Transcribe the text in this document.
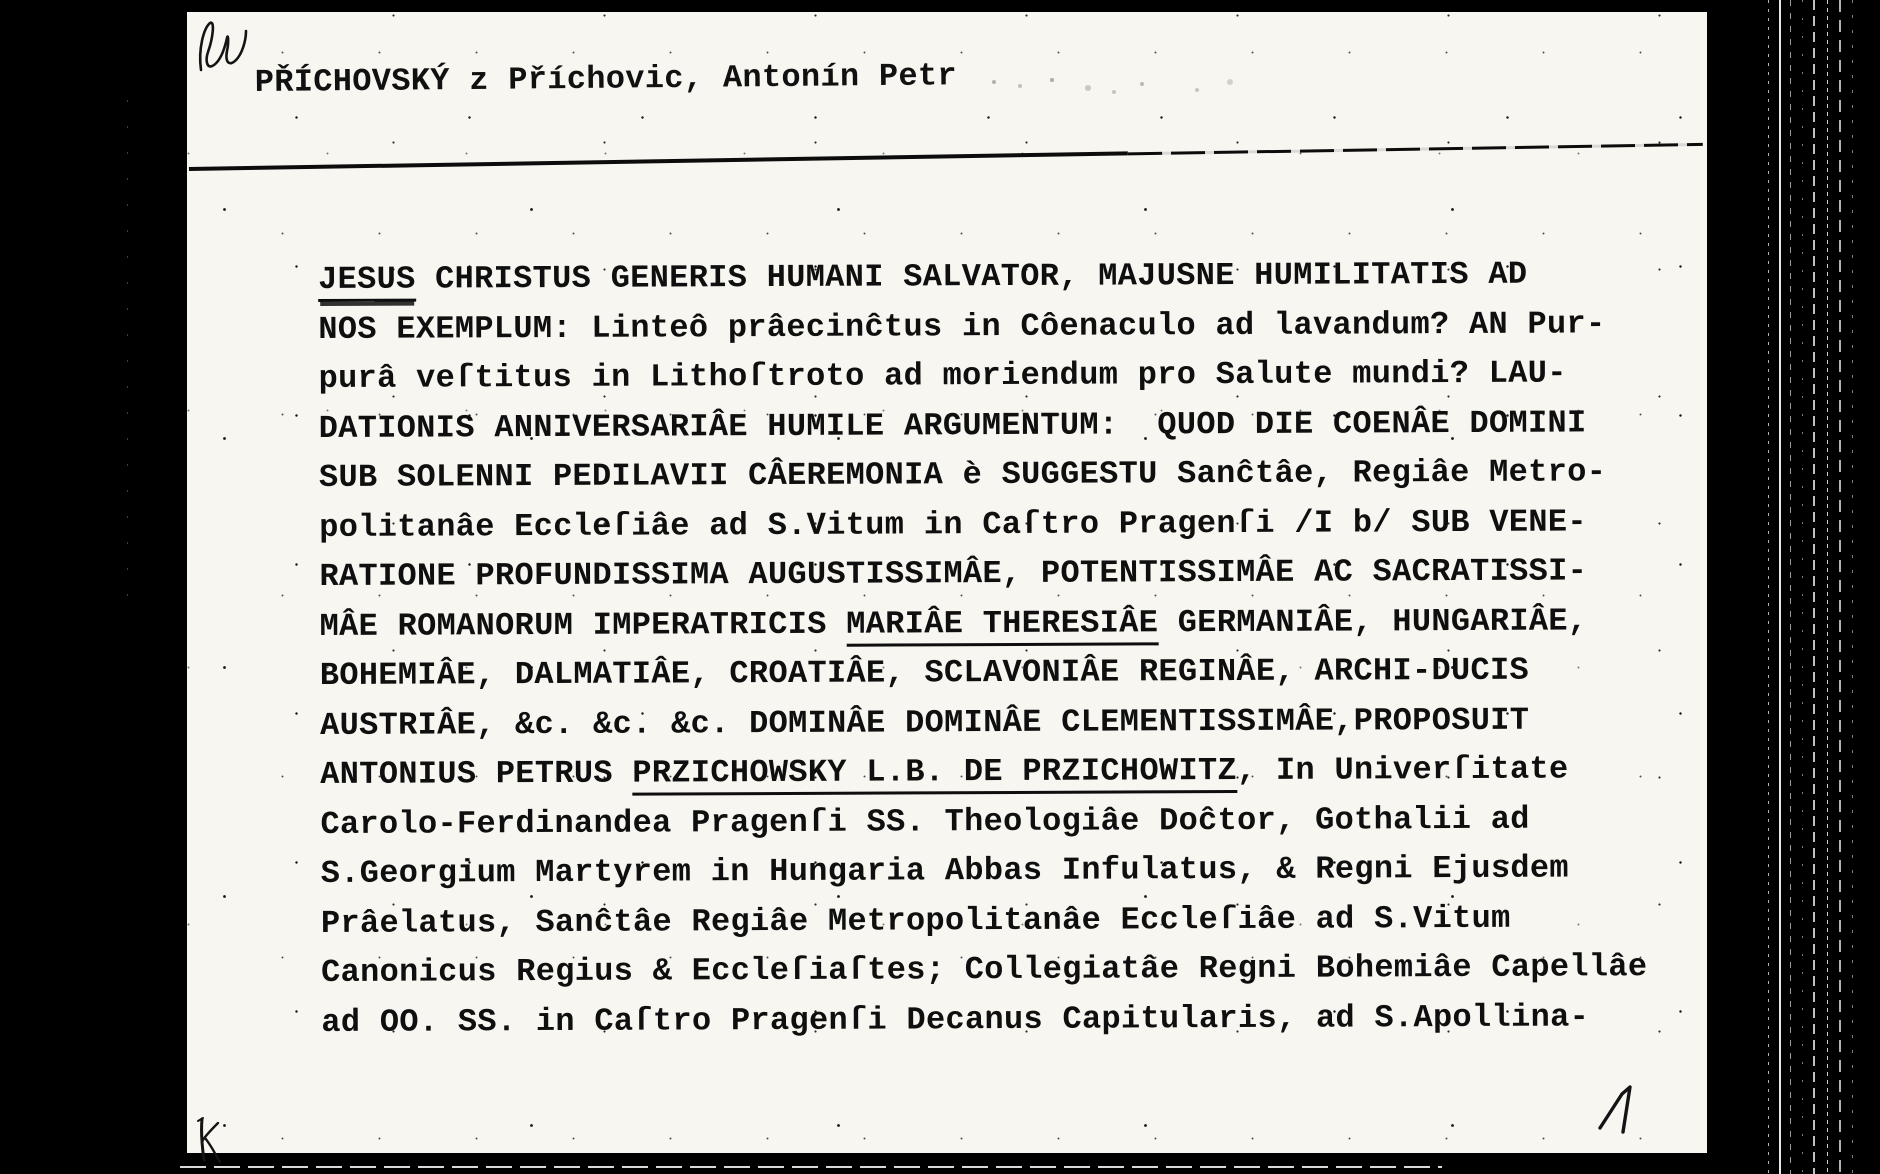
PŘÍCHOVSKÝ z Příchovic, Antonín Petr
JESUS CHRISTUS GENERIS HUMANI SALVATOR, MAJUSNE HUMILITATIS AD
NOS EXEMPLUM: Linteô prâecinĉtus in Côenaculo ad lavandum? AN Pur-
purâ veſtitus in Lithoſtroto ad moriendum pro Salute mundi? LAU-
DATIONIS ANNIVERSARIÂE HUMILE ARGUMENTUM:  QUOD DIE COENÂE DOMINI
SUB SOLENNI PEDILAVII CÂEREMONIA è SUGGESTU Sanĉtâe, Regiâe Metro-
politanâe Eccleſiâe ad S.Vitum in Caſtro Pragenſi /I b/ SUB VENE-
RATIONE PROFUNDISSIMA AUGUSTISSIMÂE, POTENTISSIMÂE AC SACRATISSI-
MÂE ROMANORUM IMPERATRICIS MARIÂE THERESIÂE GERMANIÂE, HUNGARIÂE,
BOHEMIÂE, DALMATIÂE, CROATIÂE, SCLAVONIÂE REGINÂE, ARCHI-DUCIS
AUSTRIÂE, &c. &c. &c. DOMINÂE DOMINÂE CLEMENTISSIMÂE,PROPOSUIT
ANTONIUS PETRUS PRZICHOWSKY L.B. DE PRZICHOWITZ, In Univerſitate
Carolo-Ferdinandea Pragenſi SS. Theologiâe Doĉtor, Gothalii ad
S.Georgium Martyrem in Hungaria Abbas Infulatus, & Regni Ejusdem
Prâelatus, Sanĉtâe Regiâe Metropolitanâe Eccleſiâe ad S.Vitum
Canonicus Regius & Eccleſiaſtes; Collegiatâe Regni Bohemiâe Capellâe
ad OO. SS. in Caſtro Pragenſi Decanus Capitularis, ad S.Apollina-
